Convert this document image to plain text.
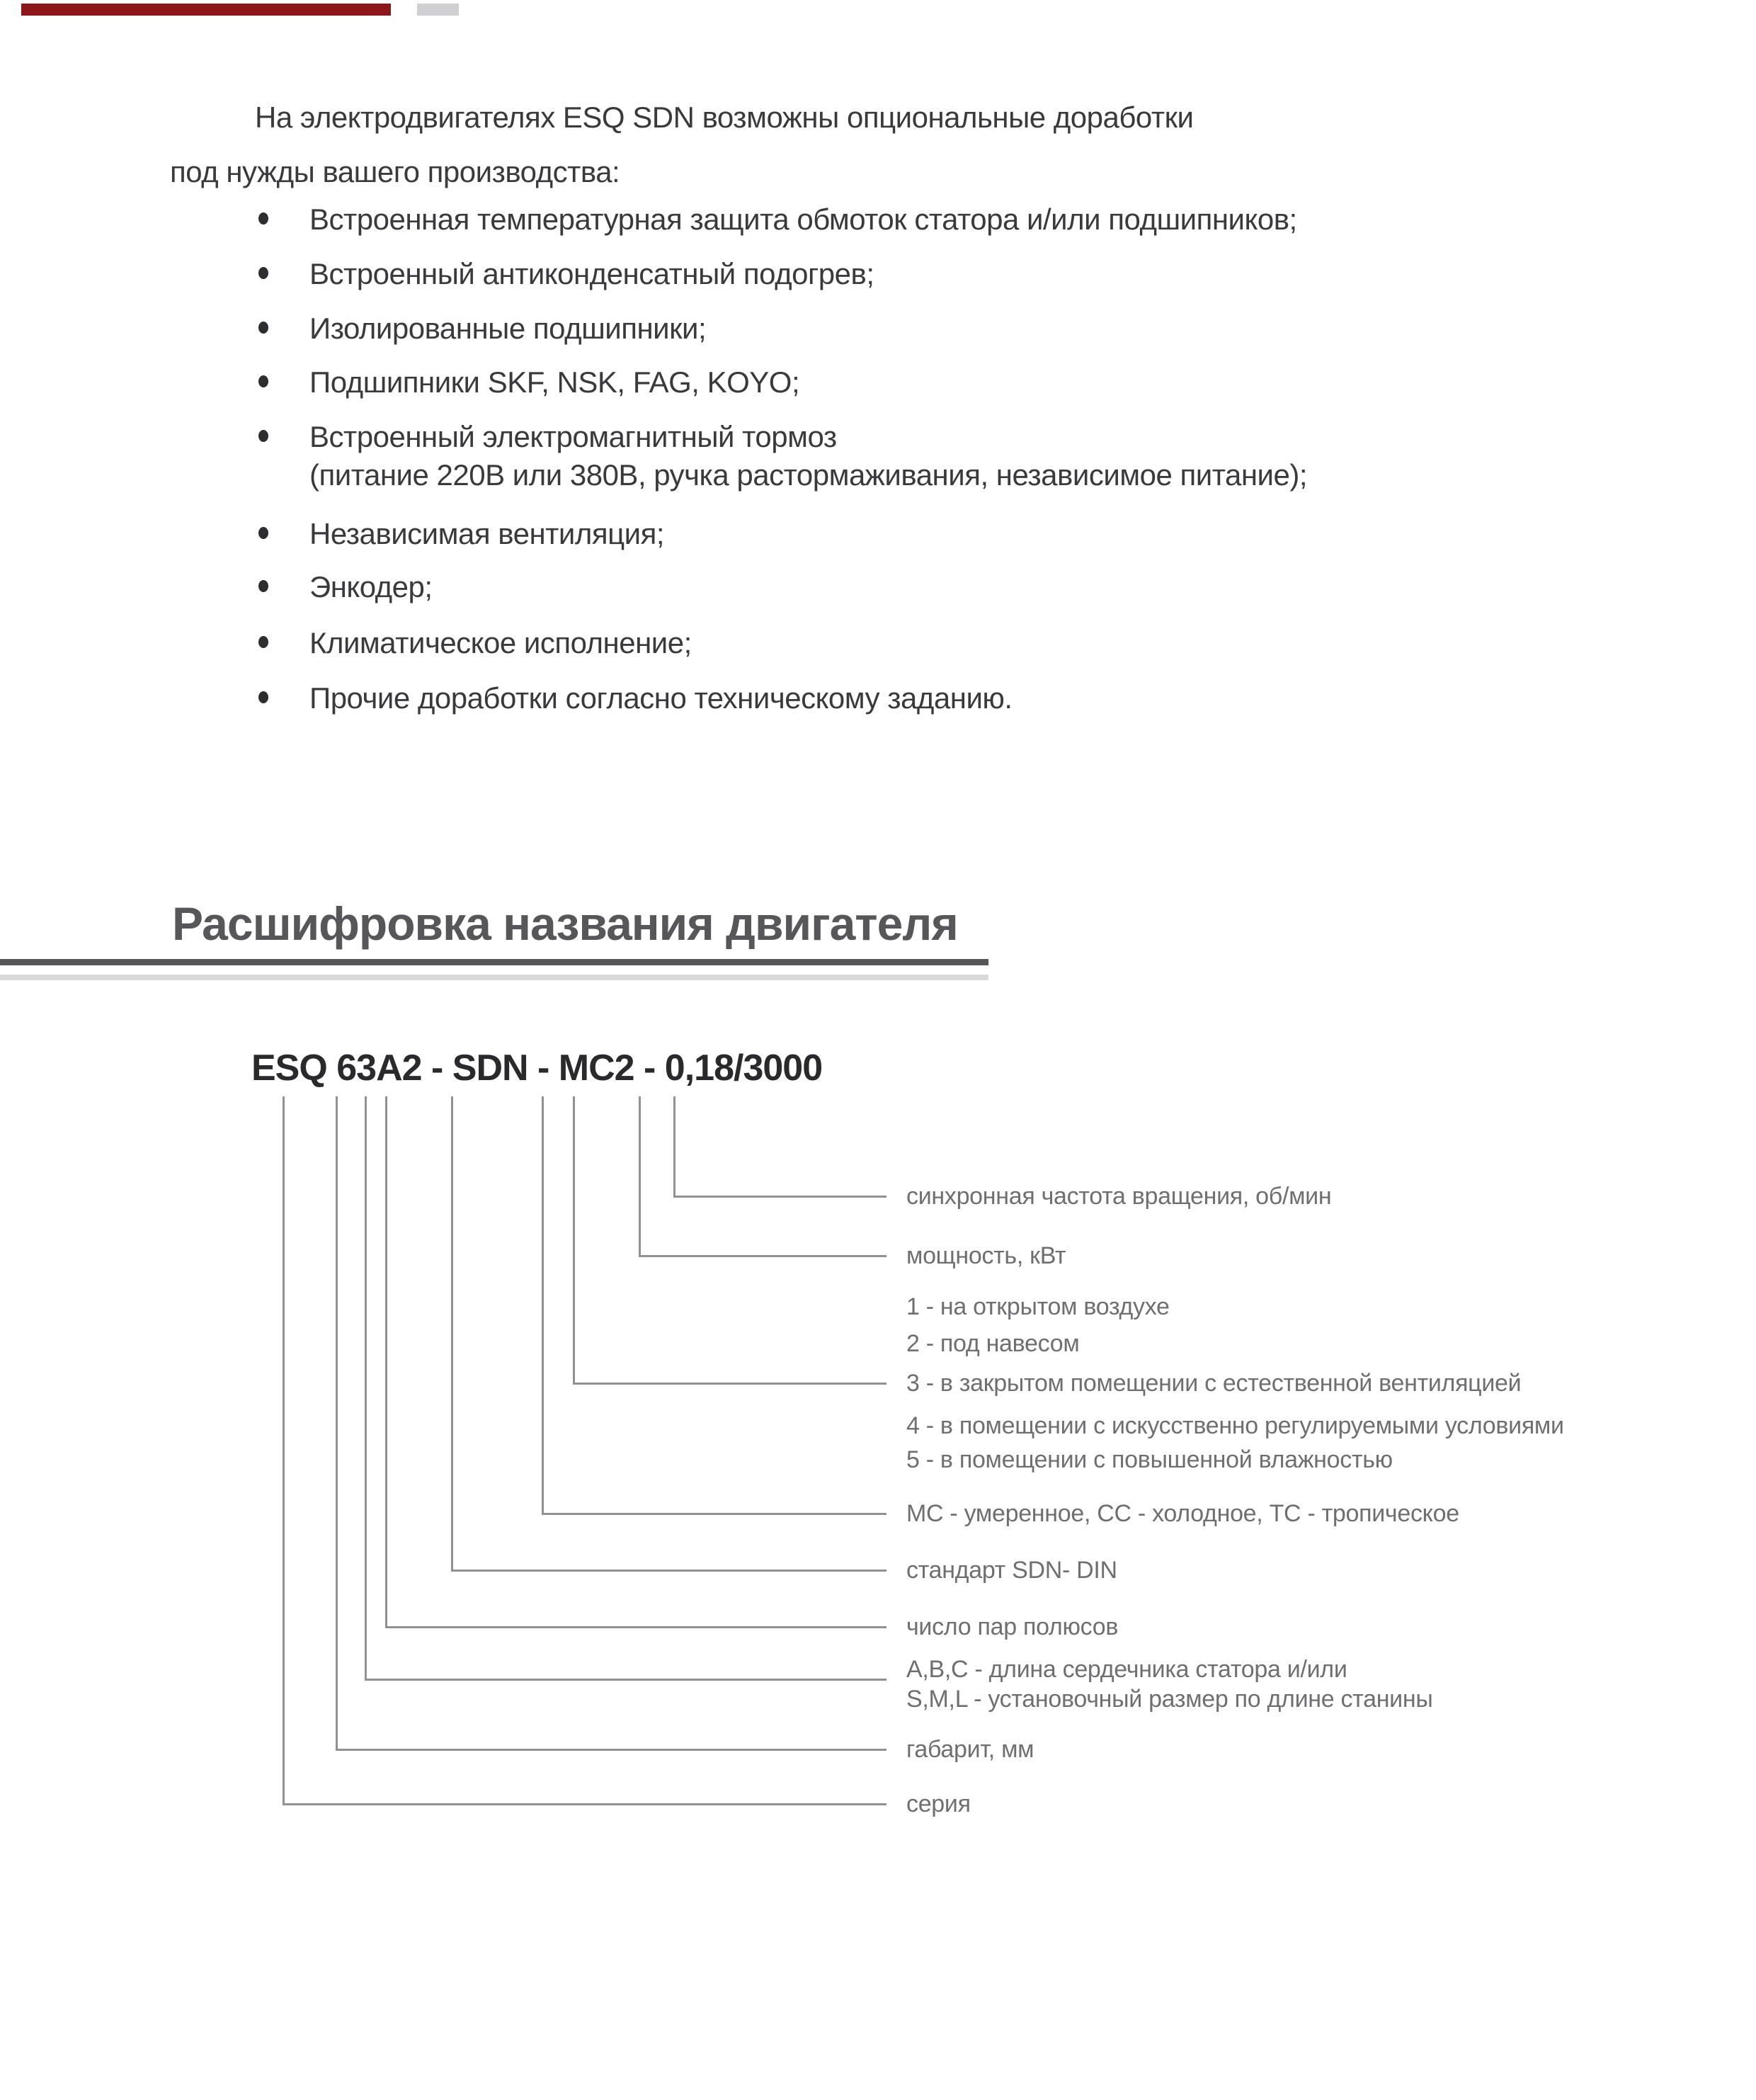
На электродвигателях ESQ SDN возможны опциональные доработки
под нужды вашего производства:
Встроенная температурная защита обмоток статора и/или подшипников;
Встроенный антиконденсатный подогрев;
Изолированные подшипники;
Подшипники SKF, NSK, FAG, KOYO;
Встроенный электромагнитный тормоз
(питание 220В или 380В, ручка растормаживания, независимое питание);
Независимая вентиляция;
Энкодер;
Климатическое исполнение;
Прочие доработки согласно техническому заданию.
Расшифровка названия двигателя
ESQ 63A2 - SDN - MC2 - 0,18/3000
синхронная частота вращения, об/мин
мощность, кВт
1 - на открытом воздухе
2 - под навесом
3 - в закрытом помещении с естественной вентиляцией
4 - в помещении с искусственно регулируемыми условиями
5 - в помещении с повышенной влажностью
МС - умеренное, СС - холодное, ТС - тропическое
стандарт SDN- DIN
число пар полюсов
А,В,С - длина сердечника статора и/или
S,M,L - установочный размер по длине станины
габарит, мм
серия
